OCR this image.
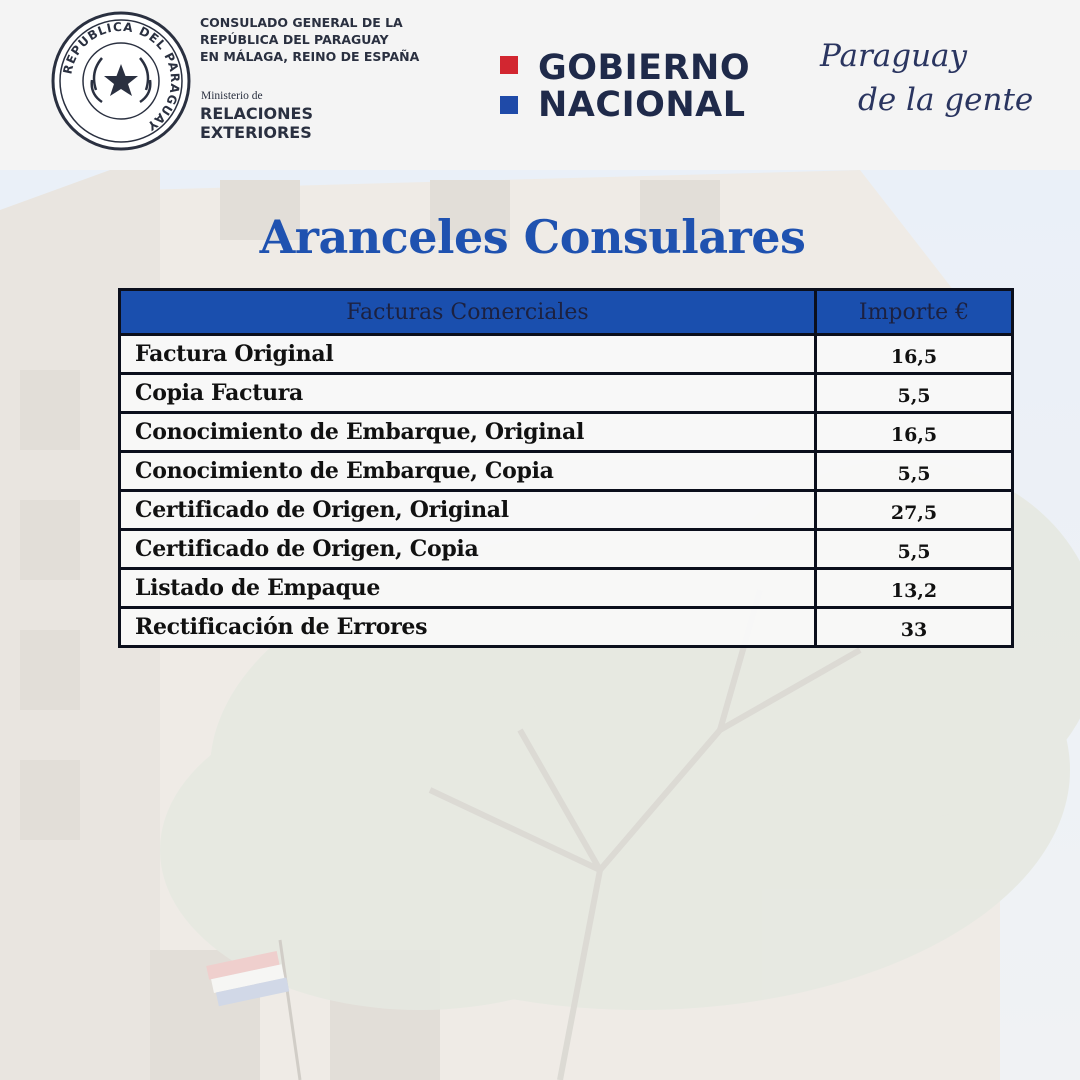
REPUBLICA DEL PARAGUAY
CONSULADO GENERAL DE LA
REPÚBLICA DEL PARAGUAY
EN MÁLAGA, REINO DE ESPAÑA
Ministerio de
RELACIONES
EXTERIORES
GOBIERNO
NACIONAL
Paraguay
de la gente
Aranceles Consulares
Facturas Comerciales	Importe €
Factura Original	16,5
Copia Factura	5,5
Conocimiento de Embarque, Original	16,5
Conocimiento de Embarque, Copia	5,5
Certificado de Origen, Original	27,5
Certificado de Origen, Copia	5,5
Listado de Empaque	13,2
Rectificación de Errores	33
